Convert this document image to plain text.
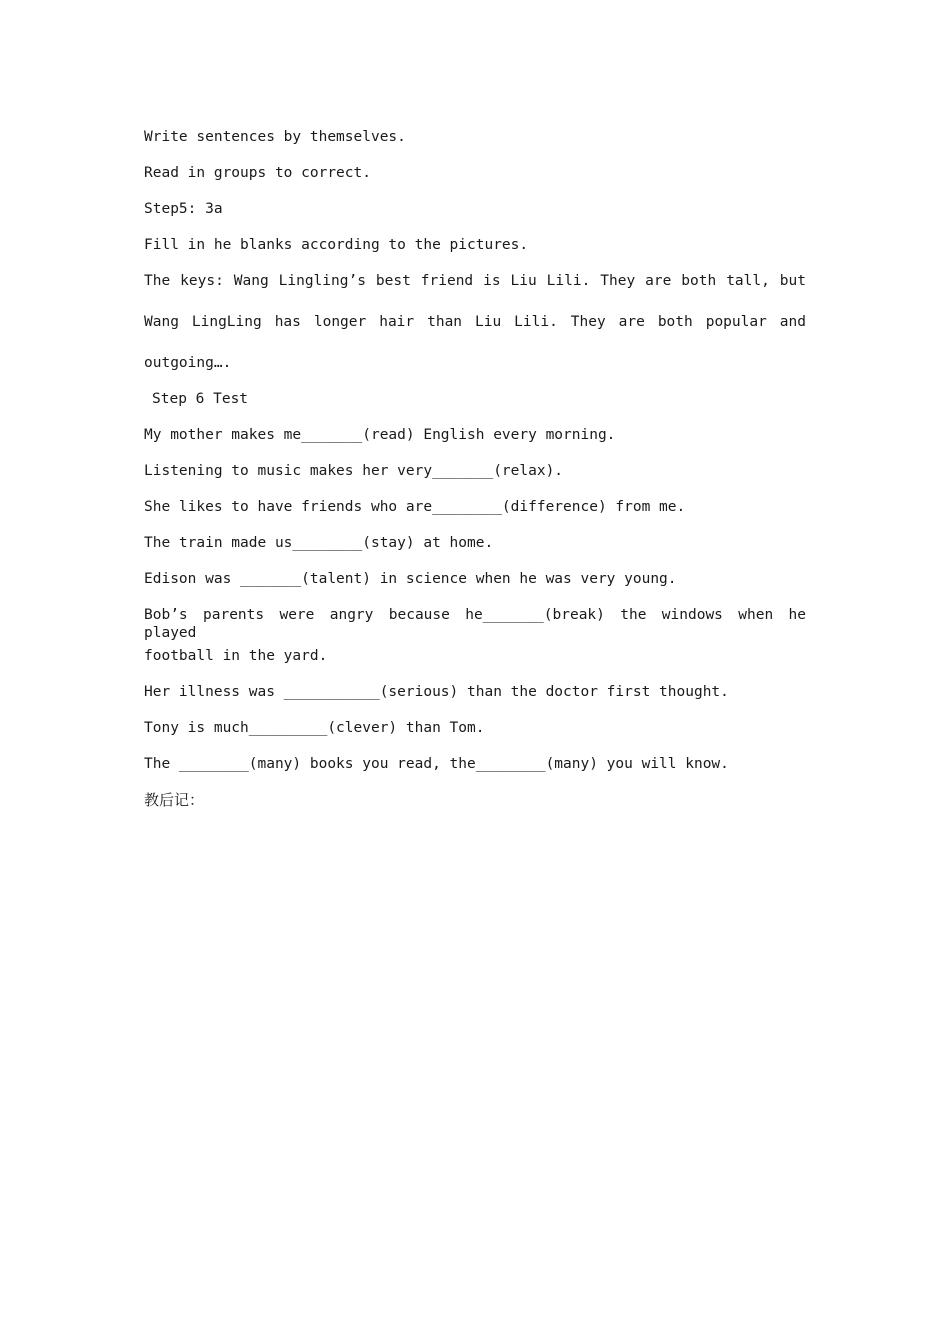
Write sentences by themselves.
Read in groups to correct.
Step5: 3a
Fill in he blanks according to the pictures.
The keys: Wang Lingling’s best friend is Liu Lili. They are both tall, but
Wang LingLing has longer hair than Liu Lili. They are both popular and
outgoing….
Step 6 Test
My mother makes me_______(read) English every morning.
Listening to music makes her very_______(relax).
She likes to have friends who are________(difference) from me.
The train made us________(stay) at home.
Edison was _______(talent) in science when he was very young.
Bob’s parents were angry because he_______(break) the windows when he played
football in the yard.
Her illness was ___________(serious) than the doctor first thought.
Tony is much_________(clever) than Tom.
The ________(many) books you read, the________(many) you will know.
教后记：
